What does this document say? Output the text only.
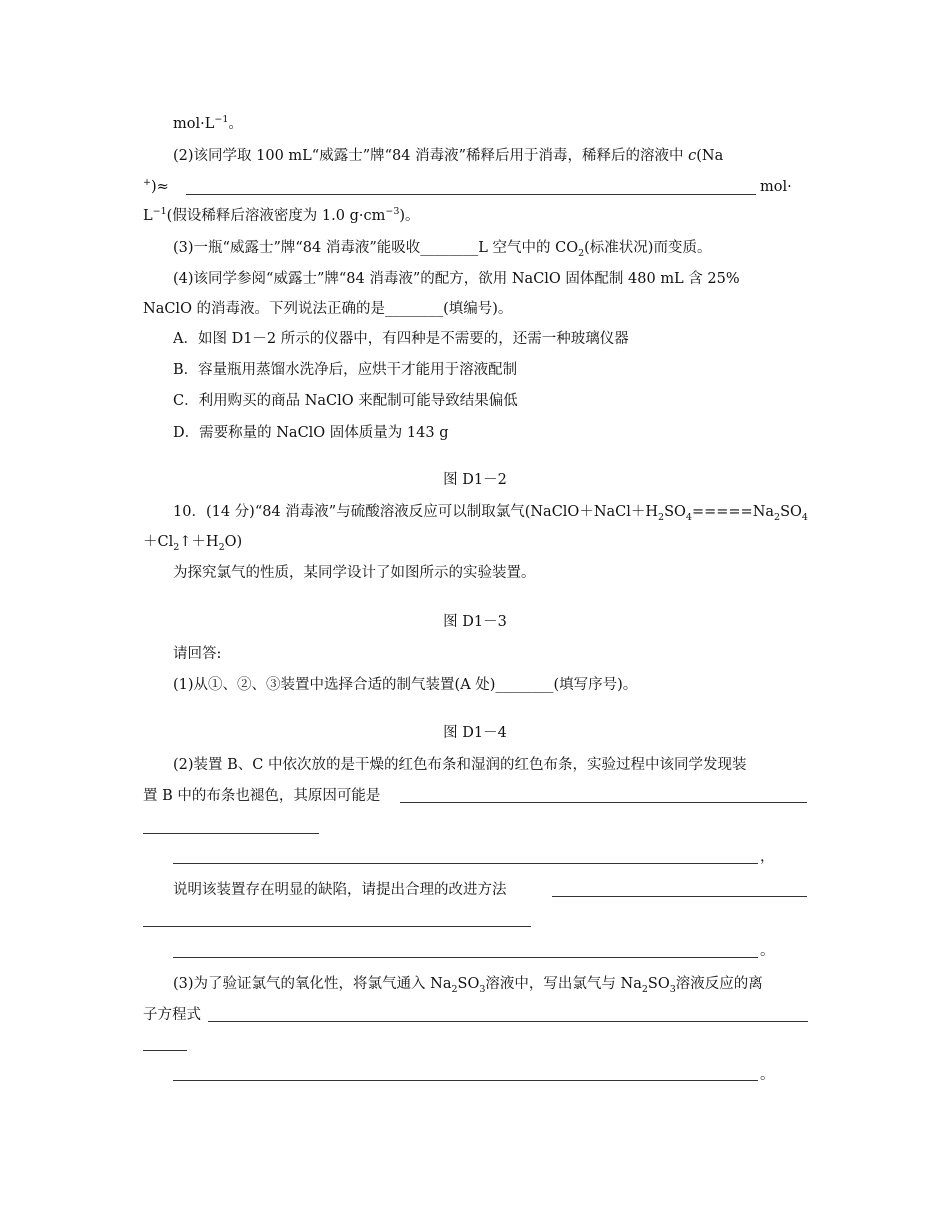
$mol\cdot L^{-1}$。
(2)该同学取 100 mL“威露士”牌“84 消毒液”稀释后用于消毒，稀释后的溶液中 c(Na
+)≈	mol·
$L^{-1}$(假设稀释后溶液密度为 1.0 $g\cdot cm^{-3}$)。
(3)一瓶“威露士”牌“84 消毒液”能吸收________L 空气中的 $CO_2$(标准状况)而变质。
(4)该同学参阅“威露士”牌“84 消毒液”的配方，欲用 NaClO 固体配制 480 mL 含 25%
NaClO 的消毒液。下列说法正确的是________(填编号)。
A．如图 D1－2 所示的仪器中，有四种是不需要的，还需一种玻璃仪器
B．容量瓶用蒸馏水洗净后，应烘干才能用于溶液配制
C．利用购买的商品 NaClO 来配制可能导致结果偏低
D．需要称量的 NaClO 固体质量为 143 g
图 D1－2
10．(14 分)“84 消毒液”与硫酸溶液反应可以制取氯气($NaClO+NaCl+H_2SO_4=====Na_2SO_4$
$+Cl_2↑+H_2O$)
为探究氯气的性质，某同学设计了如图所示的实验装置。
图 D1－3
请回答:
(1)从①、②、③装置中选择合适的制气装置(A 处)________(填写序号)。
图 D1－4
(2)装置 B、C 中依次放的是干燥的红色布条和湿润的红色布条，实验过程中该同学发现装
置 B 中的布条也褪色，其原因可能是
，
说明该装置存在明显的缺陷，请提出合理的改进方法
。
(3)为了验证氯气的氧化性，将氯气通入 $Na_2SO_3$溶液中，写出氯气与 $Na_2SO_3$溶液反应的离
子方程式
。
